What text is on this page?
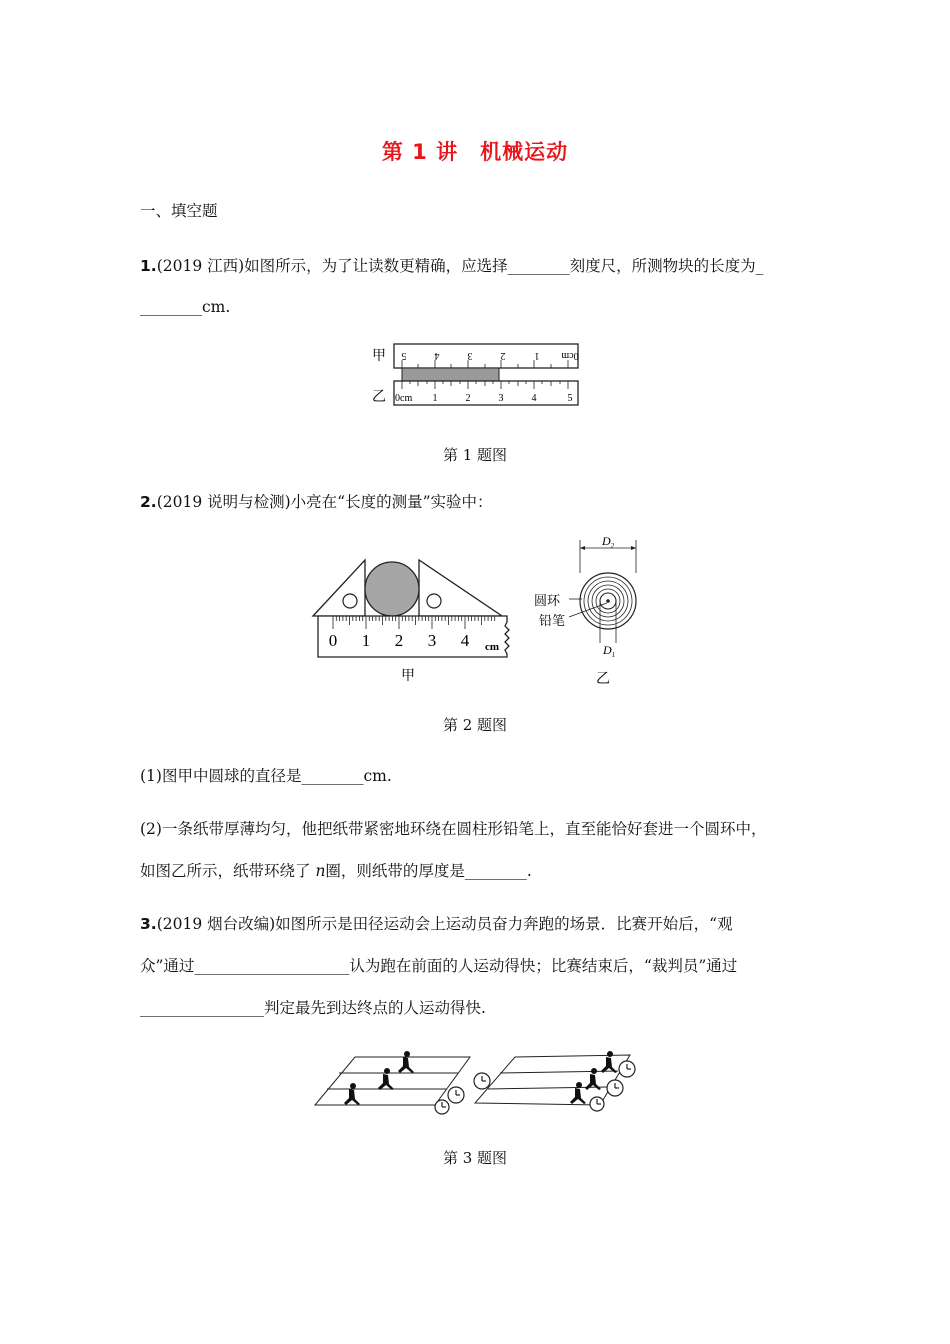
第 1 讲　机械运动
一、填空题
1.(2019 江西)如图所示，为了让读数更精确，应选择________刻度尺，所测物块的长度为_
________cm.
甲
乙
0cm
1
2
3
4
5
0cm 1	2	3	4	5
第 1 题图
2.(2019 说明与检测)小亮在“长度的测量”实验中：
0 1 2 3 4 cm
甲
$D_2$
圆环
铅笔
$D_1$
乙
第 2 题图
(1)图甲中圆球的直径是________cm.
(2)一条纸带厚薄均匀，他把纸带紧密地环绕在圆柱形铅笔上，直至能恰好套进一个圆环中，
如图乙所示，纸带环绕了 n圈，则纸带的厚度是________.
3.(2019 烟台改编)如图所示是田径运动会上运动员奋力奔跑的场景．比赛开始后，“观
众”通过____________________认为跑在前面的人运动得快；比赛结束后，“裁判员”通过
________________判定最先到达终点的人运动得快.
第 3 题图
